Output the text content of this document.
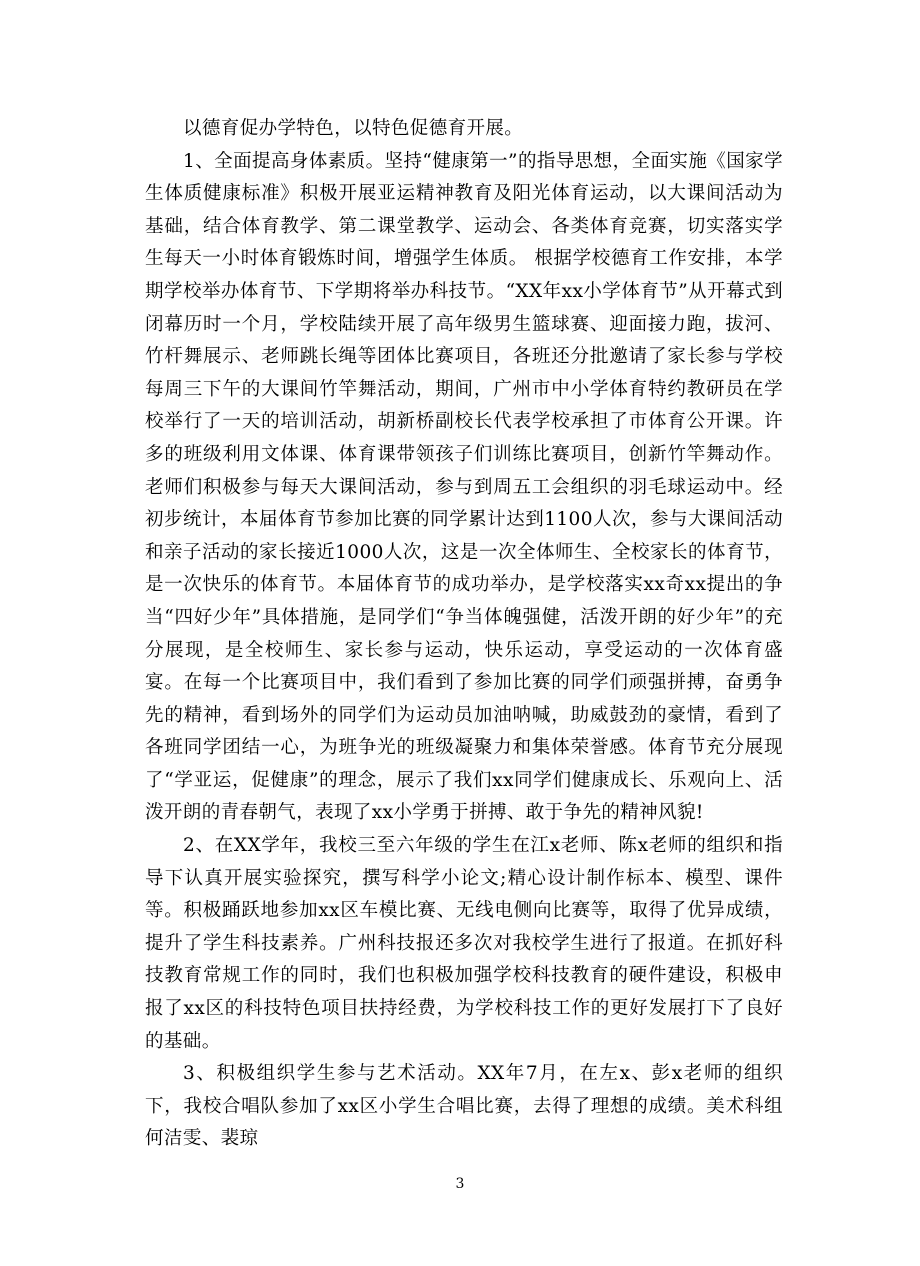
以德育促办学特色，以特色促德育开展。

1、全面提高身体素质。坚持“健康第一”的指导思想，全面实施《国家学生体质健康标准》积极开展亚运精神教育及阳光体育运动，以大课间活动为基础，结合体育教学、第二课堂教学、运动会、各类体育竞赛，切实落实学生每天一小时体育锻炼时间，增强学生体质。 根据学校德育工作安排，本学期学校举办体育节、下学期将举办科技节。“XX年xx小学体育节”从开幕式到闭幕历时一个月，学校陆续开展了高年级男生篮球赛、迎面接力跑，拔河、竹杆舞展示、老师跳长绳等团体比赛项目，各班还分批邀请了家长参与学校每周三下午的大课间竹竿舞活动，期间，广州市中小学体育特约教研员在学校举行了一天的培训活动，胡新桥副校长代表学校承担了市体育公开课。许多的班级利用文体课、体育课带领孩子们训练比赛项目，创新竹竿舞动作。老师们积极参与每天大课间活动，参与到周五工会组织的羽毛球运动中。经初步统计，本届体育节参加比赛的同学累计达到1100人次，参与大课间活动和亲子活动的家长接近1000人次，这是一次全体师生、全校家长的体育节，是一次快乐的体育节。本届体育节的成功举办，是学校落实xx奇xx提出的争当“四好少年”具体措施，是同学们“争当体魄强健，活泼开朗的好少年”的充分展现，是全校师生、家长参与运动，快乐运动，享受运动的一次体育盛宴。在每一个比赛项目中，我们看到了参加比赛的同学们顽强拼搏，奋勇争先的精神，看到场外的同学们为运动员加油呐喊，助威鼓劲的豪情，看到了各班同学团结一心，为班争光的班级凝聚力和集体荣誉感。体育节充分展现了“学亚运，促健康”的理念，展示了我们xx同学们健康成长、乐观向上、活泼开朗的青春朝气，表现了xx小学勇于拼搏、敢于争先的精神风貌!

2、在XX学年，我校三至六年级的学生在江x老师、陈x老师的组织和指导下认真开展实验探究，撰写科学小论文;精心设计制作标本、模型、课件等。积极踊跃地参加xx区车模比赛、无线电侧向比赛等，取得了优异成绩，提升了学生科技素养。广州科技报还多次对我校学生进行了报道。在抓好科技教育常规工作的同时，我们也积极加强学校科技教育的硬件建设，积极申报了xx区的科技特色项目扶持经费，为学校科技工作的更好发展打下了良好的基础。

3、积极组织学生参与艺术活动。XX年7月，在左x、彭x老师的组织下，我校合唱队参加了xx区小学生合唱比赛，去得了理想的成绩。美术科组何洁雯、裴琼

3
